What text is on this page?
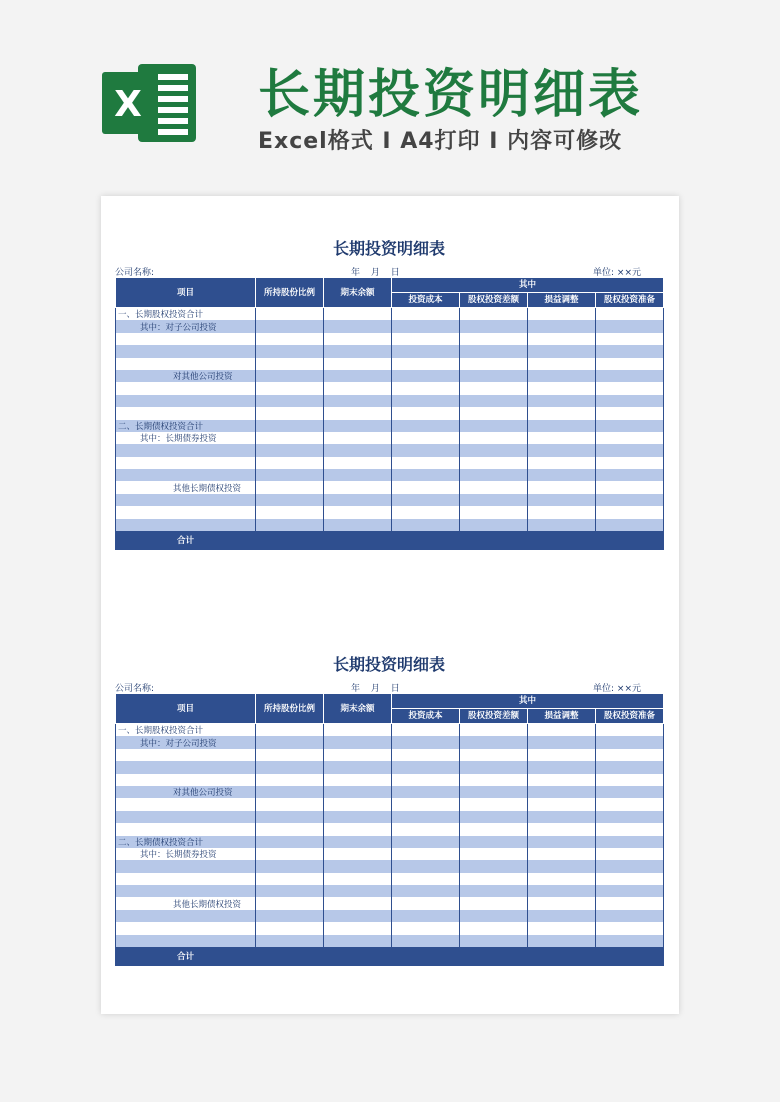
X 长期投资明细表
Excel格式 I A4打印 I 内容可修改
长期投资明细表
公司名称:	年 月 日	单位: ××元
项目	所持股份比例	期末余额	其中			
			投资成本	股权投资差额	损益调整	股权投资准备
一、长期股权投资合计						
其中：对子公司投资						

对其他公司投资						

二、长期债权投资合计						
其中：长期债券投资						

其他长期债权投资						

合计						
长期投资明细表
公司名称:	年 月 日	单位: ××元
项目	所持股份比例	期末余额	其中			
			投资成本	股权投资差额	损益调整	股权投资准备
一、长期股权投资合计						
其中：对子公司投资						

对其他公司投资						

二、长期债权投资合计						
其中：长期债券投资						

其他长期债权投资						

合计						
